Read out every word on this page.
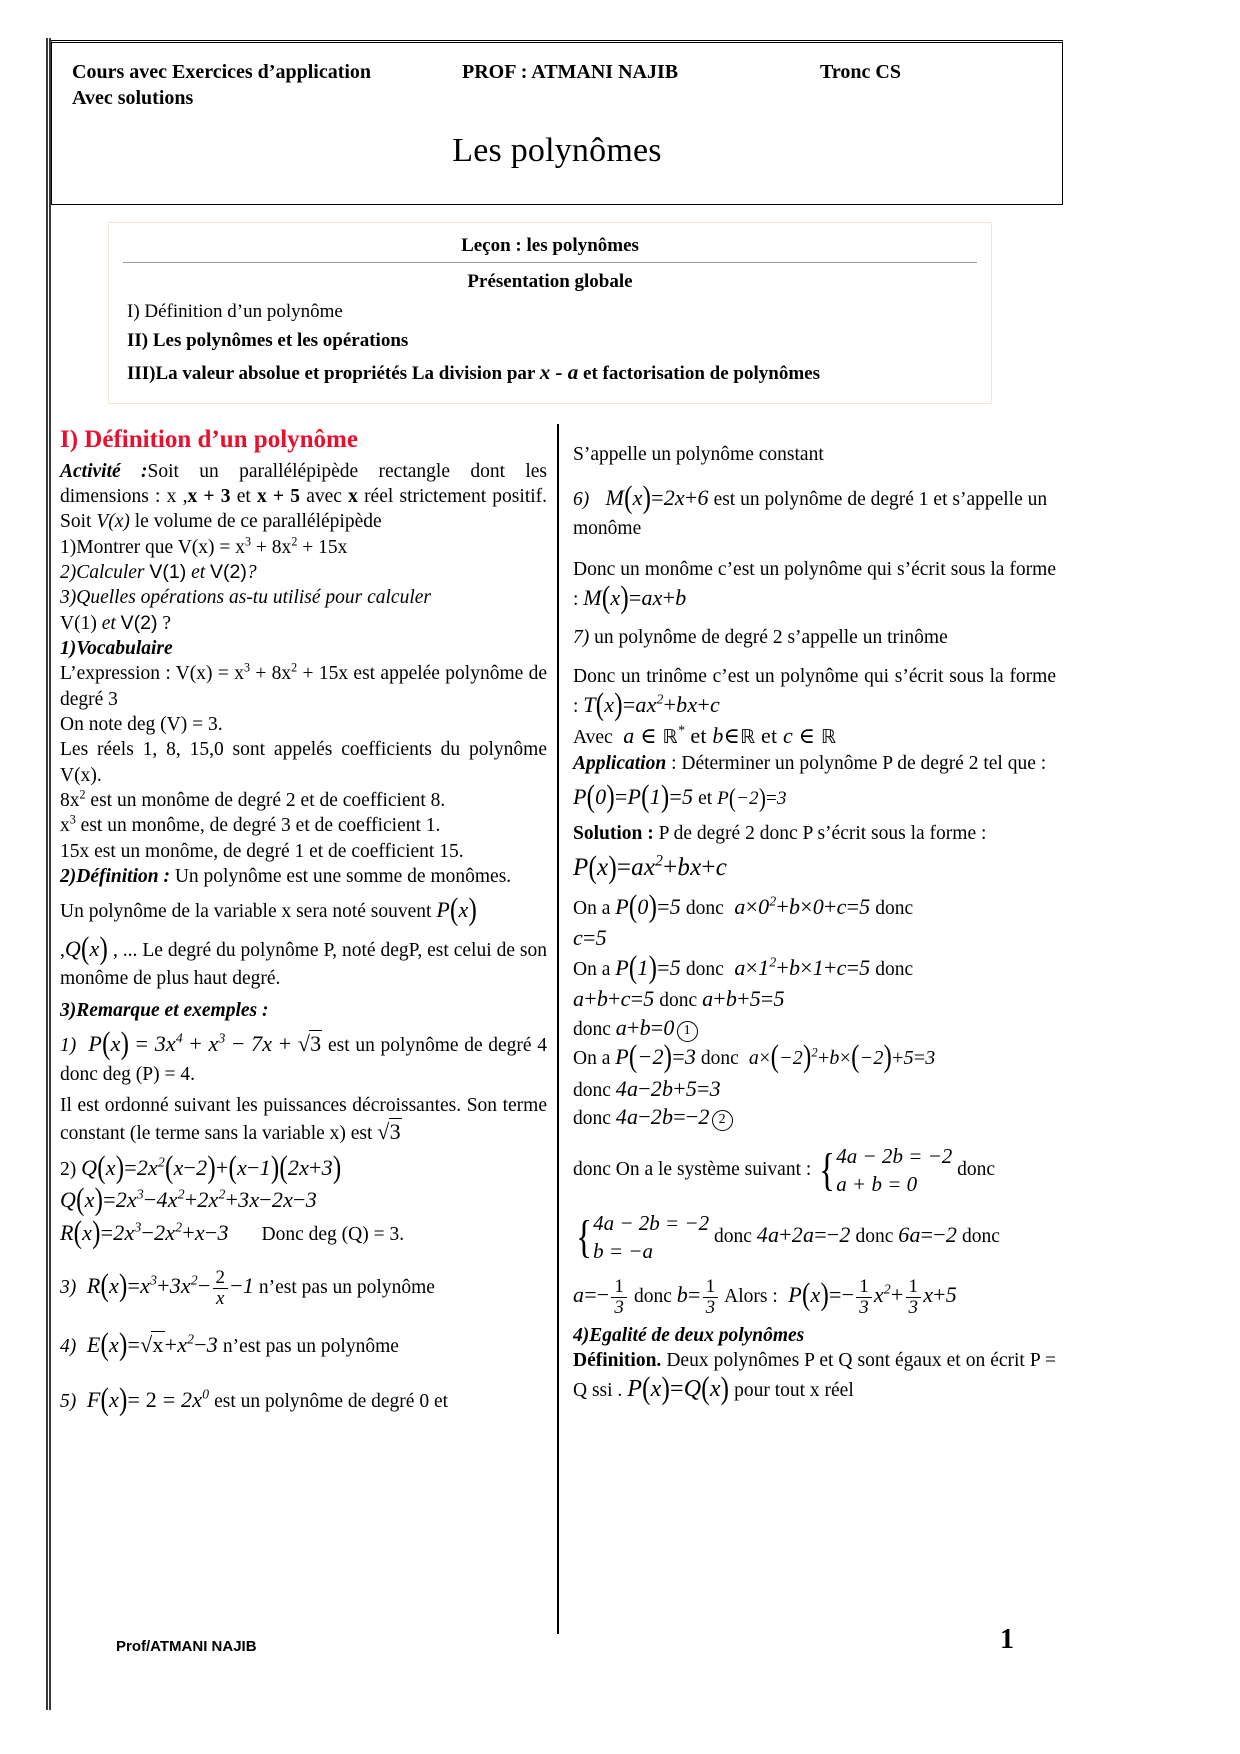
Cours avec Exercices d’application	PROF : ATMANI NAJIB	Tronc CS
Avec solutions
Les polynômes
Leçon : les polynômes
Présentation globale
I) Définition d’un polynôme
II) Les polynômes et les opérations
III)La valeur absolue et propriétés La division par x - a et factorisation de polynômes
I) Définition d’un polynôme

Activité :Soit un parallélépipède rectangle dont les dimensions : x ,x + 3 et x + 5 avec x réel strictement positif. Soit V(x) le volume de ce parallélépipède

1)Montrer que $V(x) = x^3 + 8x^2 + 15x$

2)Calculer V(1) et V(2)?

3)Quelles opérations as-tu utilisé pour calculer

V(1) et V(2) ?

1)Vocabulaire

L’expression : $V(x) = x^3 + 8x^2 + 15x$ est appelée polynôme de degré 3

On note deg (V) = 3.

Les réels 1, 8, 15,0 sont appelés coefficients du polynôme V(x).

$8x^2$ est un monôme de degré 2 et de coefficient 8.

$x^3$ est un monôme, de degré 3 et de coefficient 1.

15x est un monôme, de degré 1 et de coefficient 15.

2)Définition : Un polynôme est une somme de monômes.

Un polynôme de la variable x sera noté souvent P(x)

,Q(x) , ... Le degré du polynôme P, noté degP, est celui de son monôme de plus haut degré.

3)Remarque et exemples :

1)  $P(x) = 3x^4 + x^3 - 7x + √3$ est un polynôme de degré 4 donc deg (P) = 4.

Il est ordonné suivant les puissances décroissantes. Son terme constant (le terme sans la variable x) est √3

2) $Q(x)=2x^2(x-2)+(x-1)(2x+3)$

$Q(x)=2x^3-4x^2+2x^2+3x-2x-3$

$R(x)=2x^3-2x^2+x-3$ Donc deg (Q) = 3.

3)  $R(x)=x^3+3x^2- \frac{2}{x} -1$ n’est pas un polynôme

4)  $E(x)=√x+x^2-3$ n’est pas un polynôme

5)  $F(x)= 2 = 2x^0$ est un polynôme de degré 0 et

S’appelle un polynôme constant

6)   M(x)=2x+6 est un polynôme de degré 1 et s’appelle un monôme

Donc un monôme c’est un polynôme qui s’écrit sous la forme : M(x)=ax+b

7) un polynôme de degré 2 s’appelle un trinôme

Donc un trinôme c’est un polynôme qui s’écrit sous la forme : $T(x)=ax^2+bx+c$

Avec  a ∈ ℝ* et b∈ℝ et c ∈ ℝ

Application : Déterminer un polynôme P de degré 2 tel que :

P(0)=P(1)=5 et P(−2)=3

Solution : P de degré 2 donc P s’écrit sous la forme :

$P(x)=ax^2+bx+c$

On a P(0)=5 donc  $a\times 0^2+b\times 0+c=5$ donc

c=5

On a P(1)=5 donc  $a\times 1^2+b\times 1+c=5$ donc

a+b+c=5 donc a+b+5=5

donc a+b=0 1

On a P(−2)=3 donc  $a\times(-2)^2+b\times(-2)+5=3$

donc 4a−2b+5=3

donc 4a−2b=−2 2

donc On a le système suivant : { 4a − 2b = −2
a + b = 0
donc

{ 4a − 2b = −2
b = −a
donc 4a+2a=−2 donc 6a=−2 donc

$a=- \frac{1}{3}$ donc $b= \frac{1}{3}$ Alors :  $P(x)=- \frac{1}{3} x^2+ \frac{1}{3} x+5$

4)Egalité de deux polynômes

Définition. Deux polynômes P et Q sont égaux et on écrit P = Q ssi . P(x)=Q(x) pour tout x réel

Prof/ATMANI NAJIB	1
